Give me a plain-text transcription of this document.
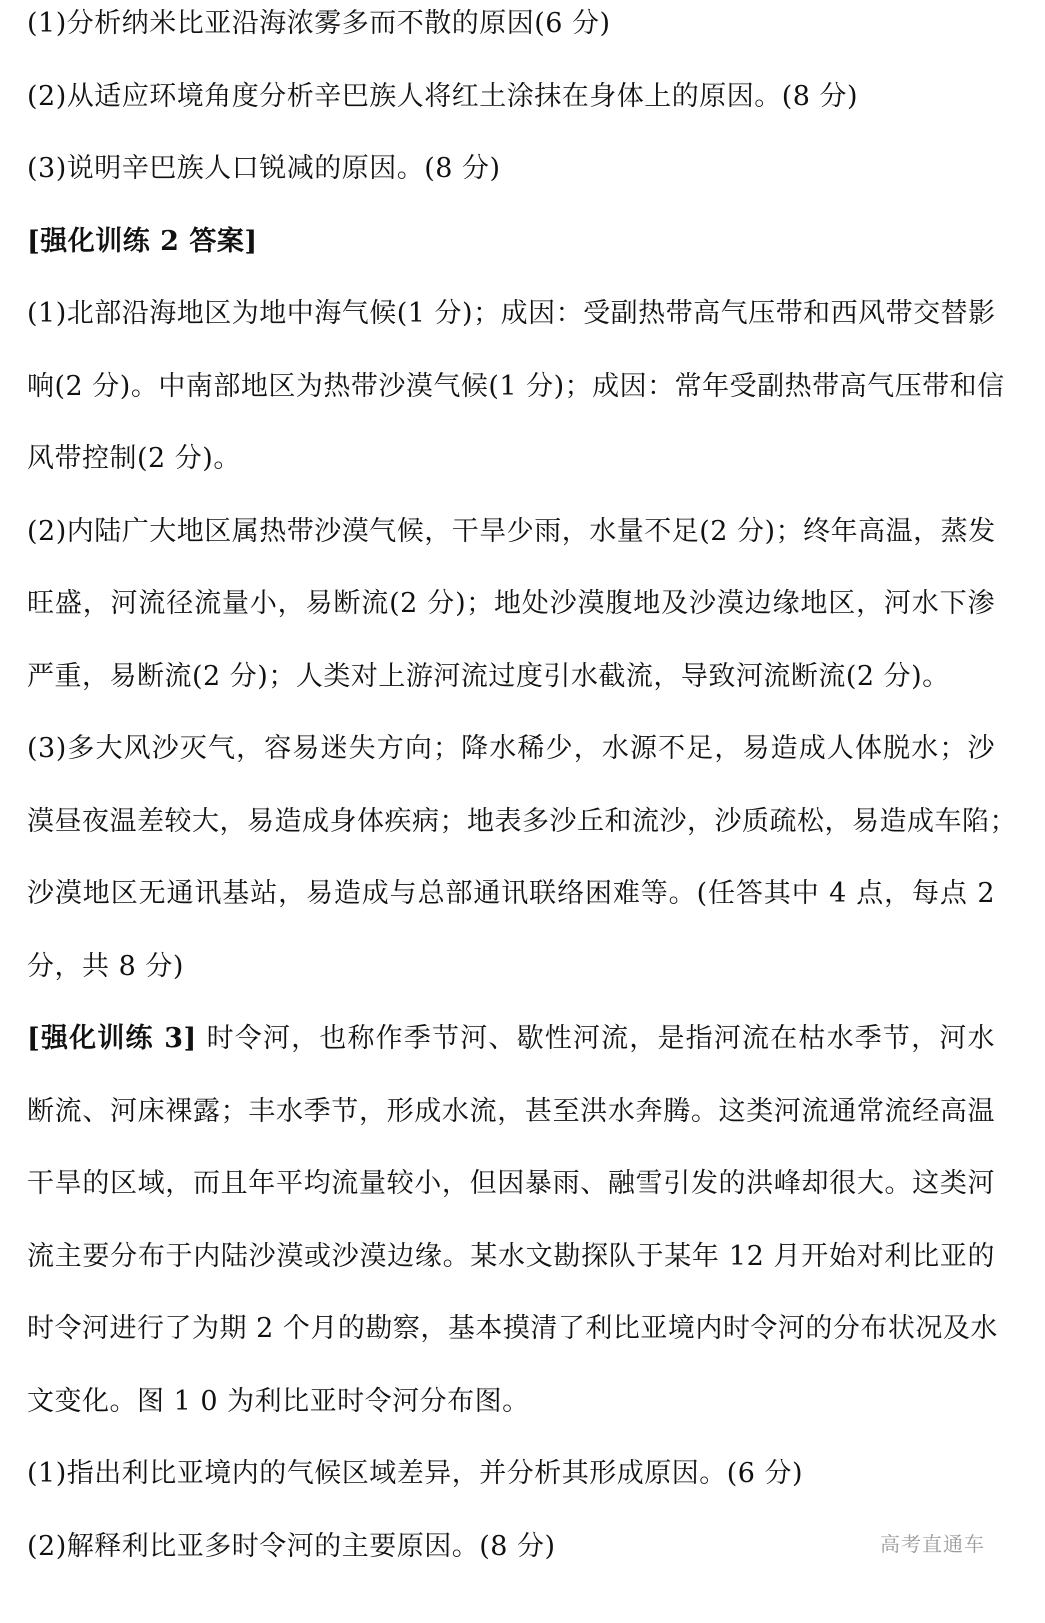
(1)分析纳米比亚沿海浓雾多而不散的原因(6 分)
(2)从适应环境角度分析辛巴族人将红土涂抹在身体上的原因。(8 分)
(3)说明辛巴族人口锐减的原因。(8 分)
[强化训练 2 答案]
(1)北部沿海地区为地中海气候(1 分)；成因：受副热带高气压带和西风带交替影
响(2 分)。中南部地区为热带沙漠气候(1 分)；成因：常年受副热带高气压带和信
风带控制(2 分)。
(2)内陆广大地区属热带沙漠气候，干旱少雨，水量不足(2 分)；终年高温，蒸发
旺盛，河流径流量小，易断流(2 分)；地处沙漠腹地及沙漠边缘地区，河水下渗
严重，易断流(2 分)；人类对上游河流过度引水截流，导致河流断流(2 分)。
(3)多大风沙灭气，容易迷失方向；降水稀少，水源不足，易造成人体脱水；沙
漠昼夜温差较大，易造成身体疾病；地表多沙丘和流沙，沙质疏松，易造成车陷；
沙漠地区无通讯基站，易造成与总部通讯联络困难等。(任答其中 4 点，每点 2
分，共 8 分)
[强化训练 3] 时令河，也称作季节河、歇性河流，是指河流在枯水季节，河水
断流、河床裸露；丰水季节，形成水流，甚至洪水奔腾。这类河流通常流经高温
干旱的区域，而且年平均流量较小，但因暴雨、融雪引发的洪峰却很大。这类河
流主要分布于内陆沙漠或沙漠边缘。某水文勘探队于某年 12 月开始对利比亚的
时令河进行了为期 2 个月的勘察，基本摸清了利比亚境内时令河的分布状况及水
文变化。图 1 0 为利比亚时令河分布图。
(1)指出利比亚境内的气候区域差异，并分析其形成原因。(6 分)
(2)解释利比亚多时令河的主要原因。(8 分)	高考直通车
